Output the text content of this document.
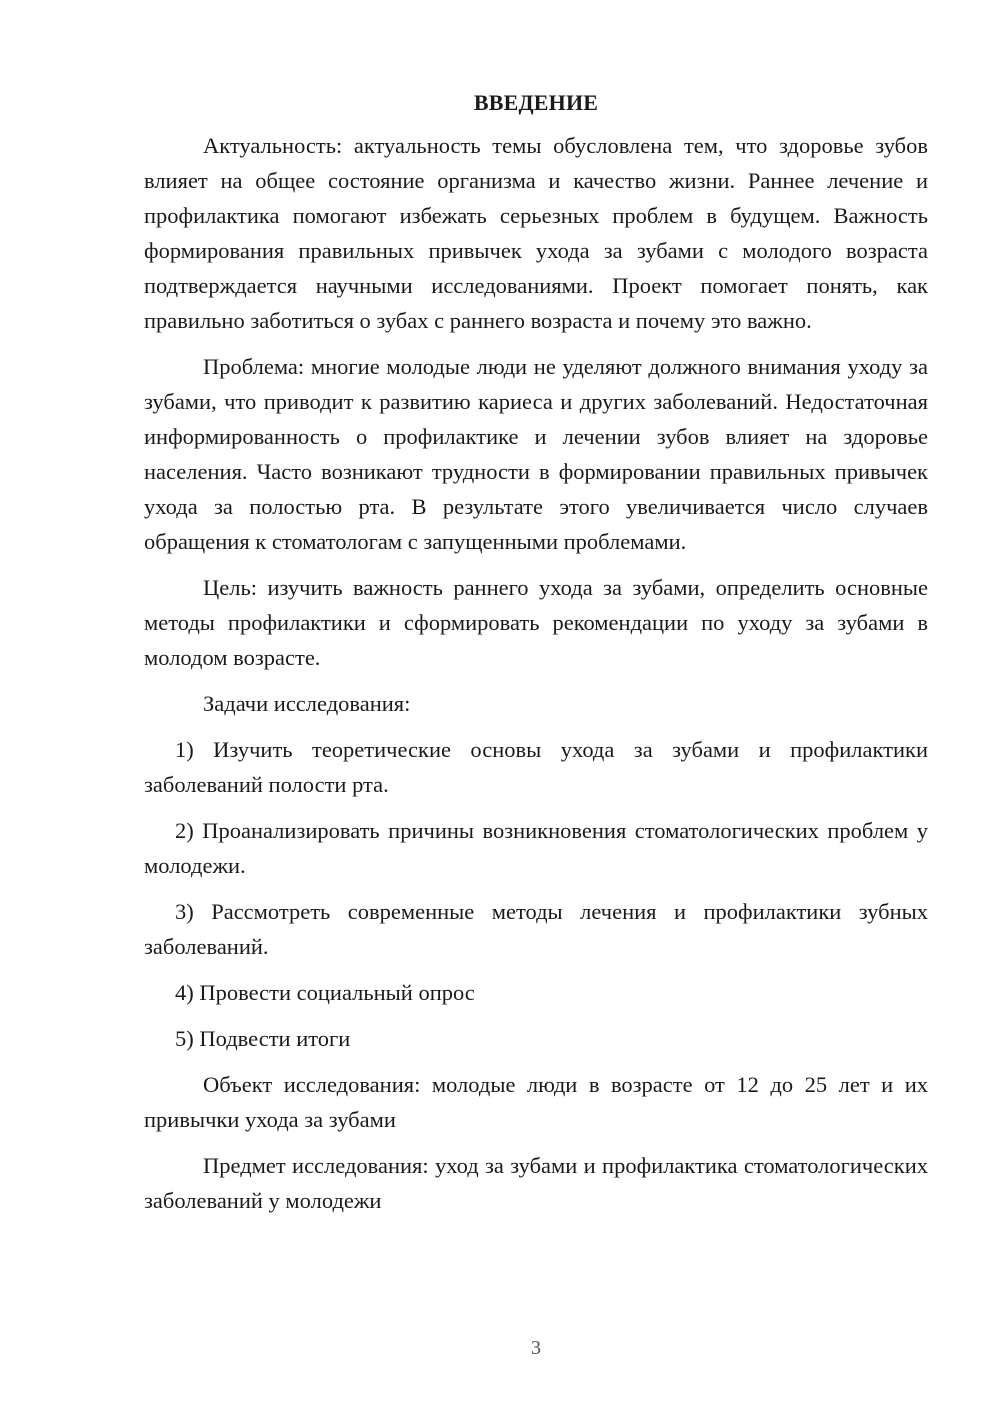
ВВЕДЕНИЕ

Актуальность: актуальность темы обусловлена тем, что здоровье зубов влияет на общее состояние организма и качество жизни. Раннее лечение и профилактика помогают избежать серьезных проблем в будущем. Важность формирования правильных привычек ухода за зубами с молодого возраста подтверждается научными исследованиями. Проект помогает понять, как правильно заботиться о зубах с раннего возраста и почему это важно.

Проблема: многие молодые люди не уделяют должного внимания уходу за зубами, что приводит к развитию кариеса и других заболеваний. Недостаточная информированность о профилактике и лечении зубов влияет на здоровье населения. Часто возникают трудности в формировании правильных привычек ухода за полостью рта. В результате этого увеличивается число случаев обращения к стоматологам с запущенными проблемами.

Цель: изучить важность раннего ухода за зубами, определить основные методы профилактики и сформировать рекомендации по уходу за зубами в молодом возрасте.

Задачи исследования:

1) Изучить теоретические основы ухода за зубами и профилактики заболеваний полости рта.

2) Проанализировать причины возникновения стоматологических проблем у молодежи.

3) Рассмотреть современные методы лечения и профилактики зубных заболеваний.

4) Провести социальный опрос

5) Подвести итоги

Объект исследования: молодые люди в возрасте от 12 до 25 лет и их привычки ухода за зубами

Предмет исследования: уход за зубами и профилактика стоматологических заболеваний у молодежи

3
